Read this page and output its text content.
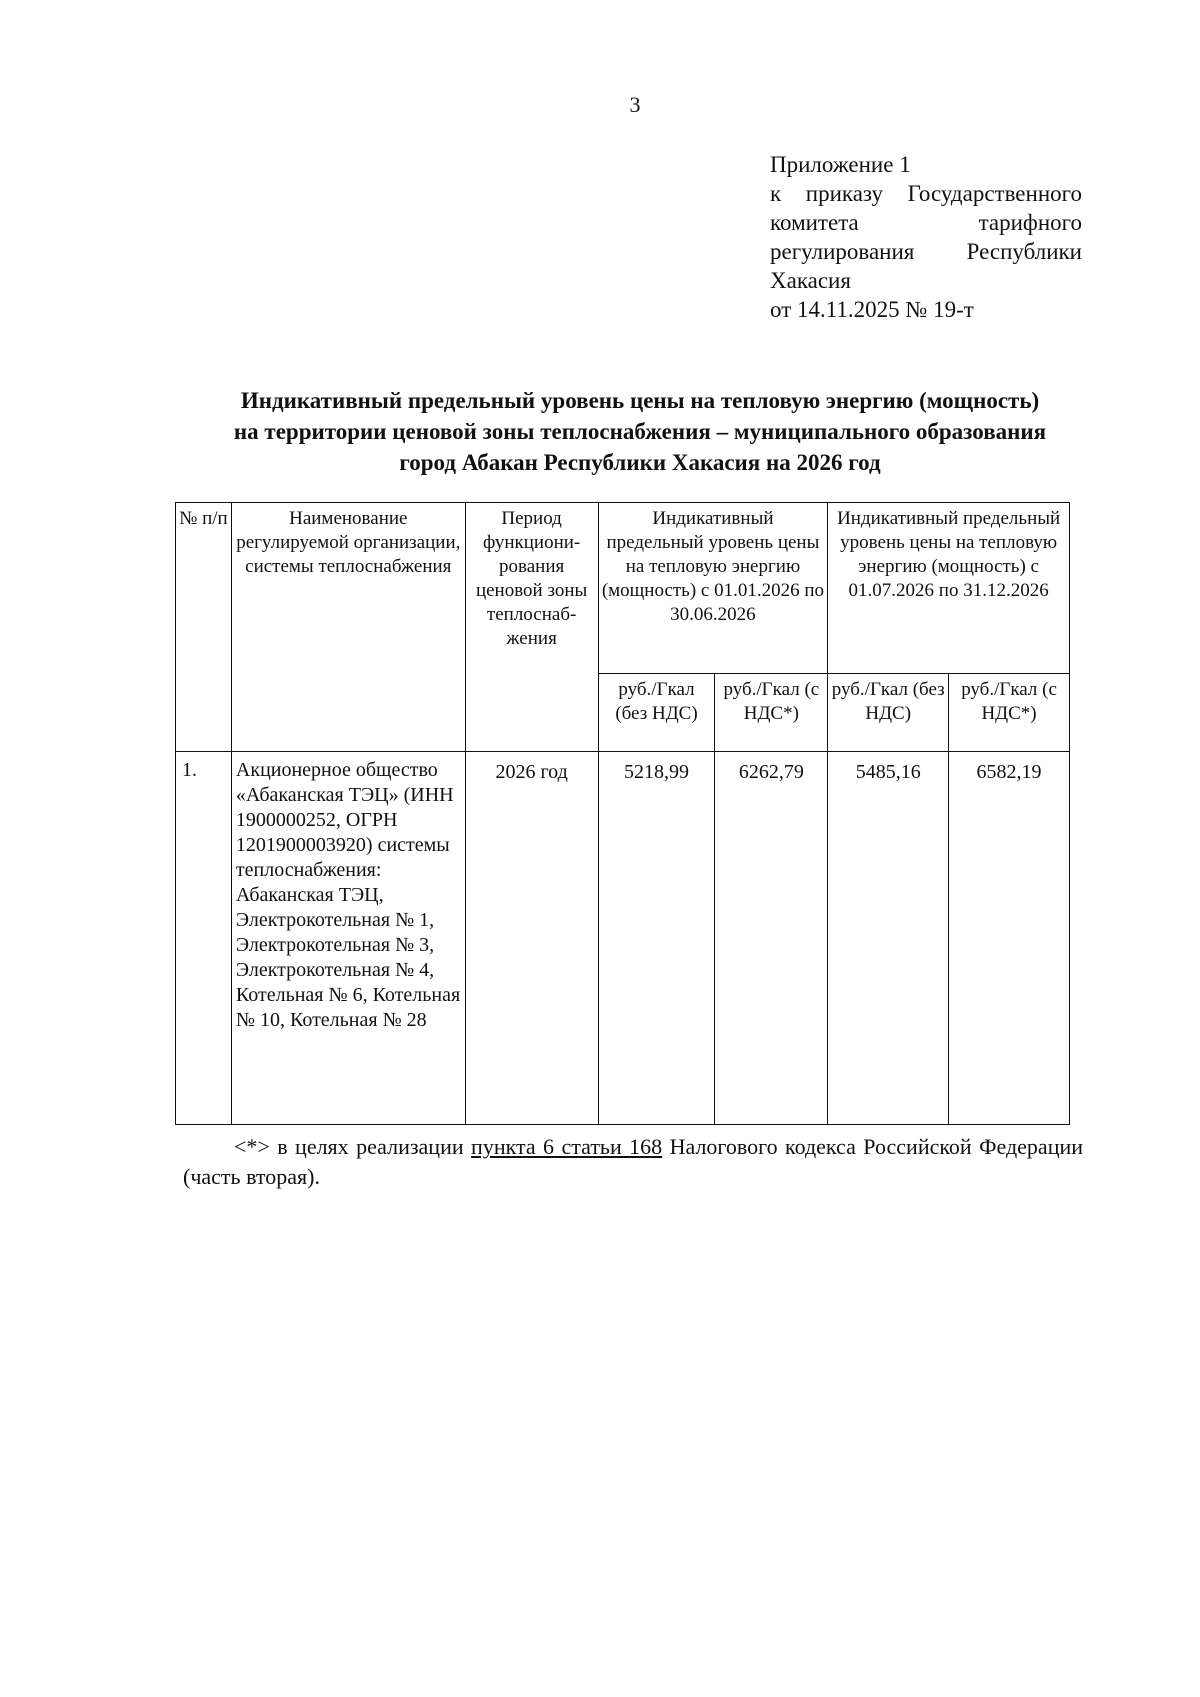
3
Приложение 1
к приказу Государственного
комитета тарифного
регулирования Республики
Хакасия
от 14.11.2025 № 19-т
Индикативный предельный уровень цены на тепловую энергию (мощность)
на территории ценовой зоны теплоснабжения – муниципального образования
город Абакан Республики Хакасия на 2026 год
№ п/п	Наименование регулируемой организации, системы теплоснабжения	Период функциони-рования ценовой зоны теплоснаб-жения	Индикативный предельный уровень цены на тепловую энергию (мощность) с 01.01.2026 по 30.06.2026		Индикативный предельный уровень цены на тепловую энергию (мощность) с 01.07.2026 по 31.12.2026	
			руб./Гкал (без НДС)	руб./Гкал (с НДС*)	руб./Гкал (без НДС)	руб./Гкал (с НДС*)
1.	Акционерное общество «Абаканская ТЭЦ» (ИНН 1900000252, ОГРН 1201900003920) системы теплоснабжения: Абаканская ТЭЦ, Электрокотельная № 1, Электрокотельная № 3, Электрокотельная № 4, Котельная № 6, Котельная № 10, Котельная № 28	2026 год	5218,99	6262,79	5485,16	6582,19
<*> в целях реализации пункта 6 статьи 168 Налогового кодекса Российской Федерации (часть вторая).
